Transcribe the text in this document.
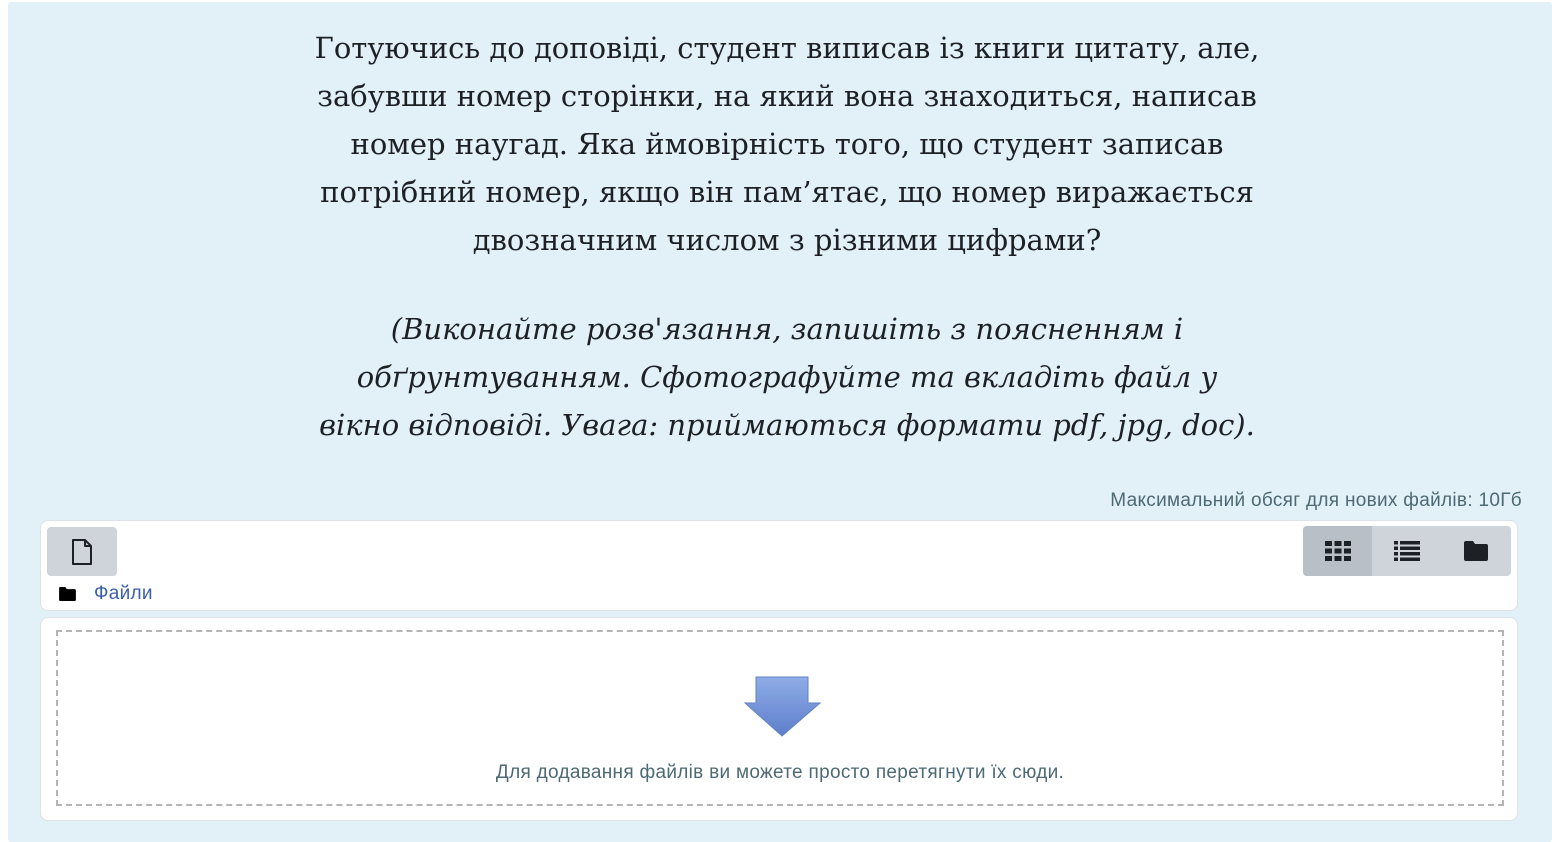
Готуючись до доповіді, студент виписав із книги цитату, але,
забувши номер сторінки, на який вона знаходиться, написав
номер наугад. Яка ймовірність того, що студент записав
потрібний номер, якщо він пам’ятає, що номер виражається
двозначним числом з різними цифрами?

(Виконайте розв'язання, запишіть з поясненням і
обґрунтуванням. Сфотографуйте та вкладіть файл у
вікно відповіді. Увага: приймаються формати pdf, jpg, doc).

Максимальний обсяг для нових файлів: 10Гб
Файли
Для додавання файлів ви можете просто перетягнути їх сюди.
